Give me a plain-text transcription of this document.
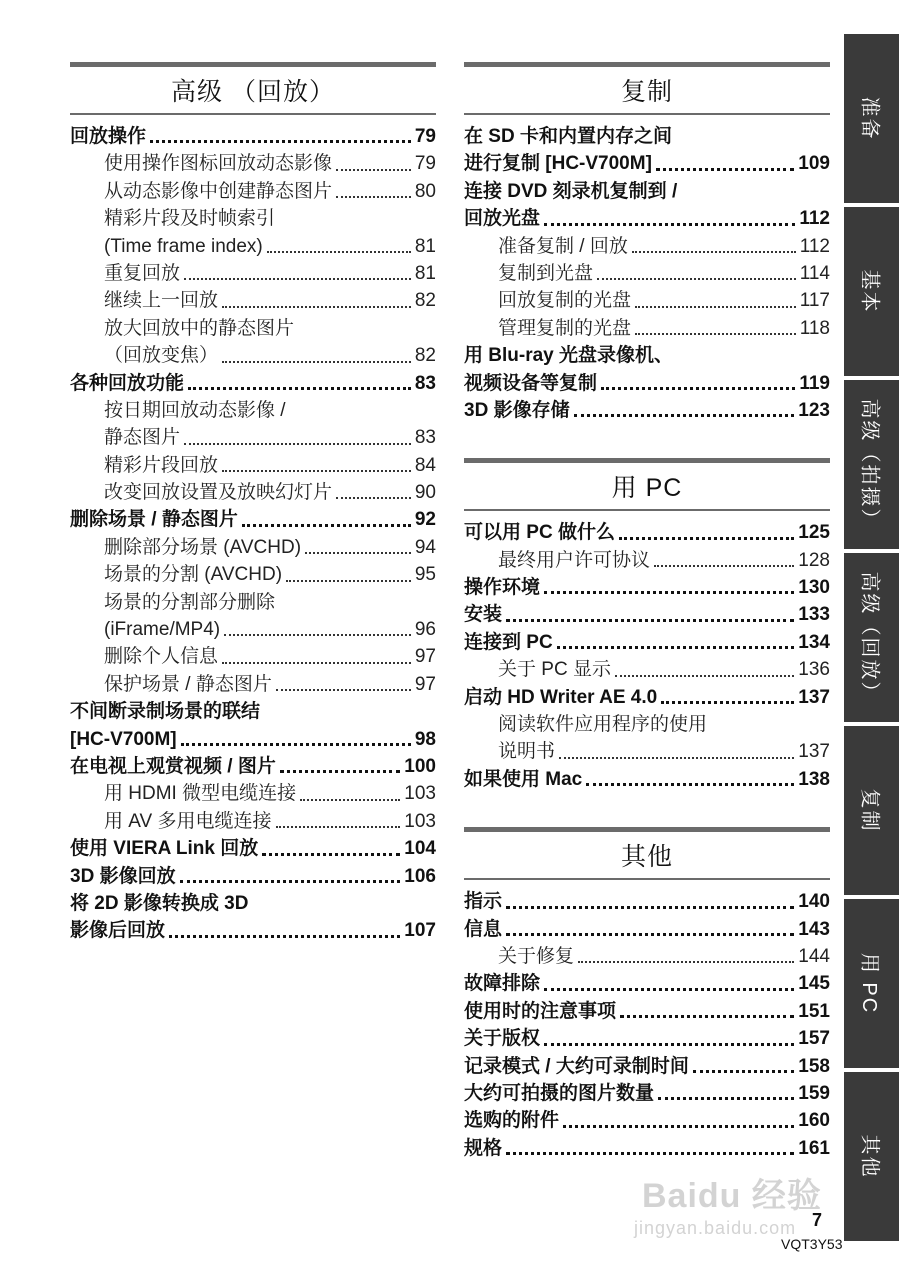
高级 （回放）
回放操作	79
使用操作图标回放动态影像	79
从动态影像中创建静态图片	80
精彩片段及时帧索引
(Time frame index)	81
重复回放	81
继续上一回放	82
放大回放中的静态图片
（回放变焦）	82
各种回放功能	83
按日期回放动态影像 /
静态图片	83
精彩片段回放	84
改变回放设置及放映幻灯片	90
删除场景 / 静态图片	92
删除部分场景 (AVCHD)	94
场景的分割 (AVCHD)	95
场景的分割部分删除
(iFrame/MP4)	96
删除个人信息	97
保护场景 / 静态图片	97
不间断录制场景的联结
[HC-V700M]	98
在电视上观赏视频 / 图片	100
用 HDMI 微型电缆连接	103
用 AV 多用电缆连接	103
使用 VIERA Link 回放	104
3D 影像回放	106
将 2D 影像转换成 3D
影像后回放	107
复制
在 SD 卡和内置内存之间
进行复制 [HC-V700M]	109
连接 DVD 刻录机复制到 /
回放光盘	112
准备复制 / 回放	112
复制到光盘	114
回放复制的光盘	117
管理复制的光盘	118
用 Blu-ray 光盘录像机、
视频设备等复制	119
3D 影像存储	123
用 PC
可以用 PC 做什么	125
最终用户许可协议	128
操作环境	130
安装	133
连接到 PC	134
关于 PC 显示	136
启动 HD Writer AE 4.0	137
阅读软件应用程序的使用
说明书	137
如果使用 Mac	138
其他
指示	140
信息	143
关于修复	144
故障排除	145
使用时的注意事项	151
关于版权	157
记录模式 / 大约可录制时间	158
大约可拍摄的图片数量	159
选购的附件	160
规格	161
准备
基本
高级（拍摄）
高级（回放）
复制
用 PC
其他
7
VQT3Y53
Baidu 经验
jingyan.baidu.com
